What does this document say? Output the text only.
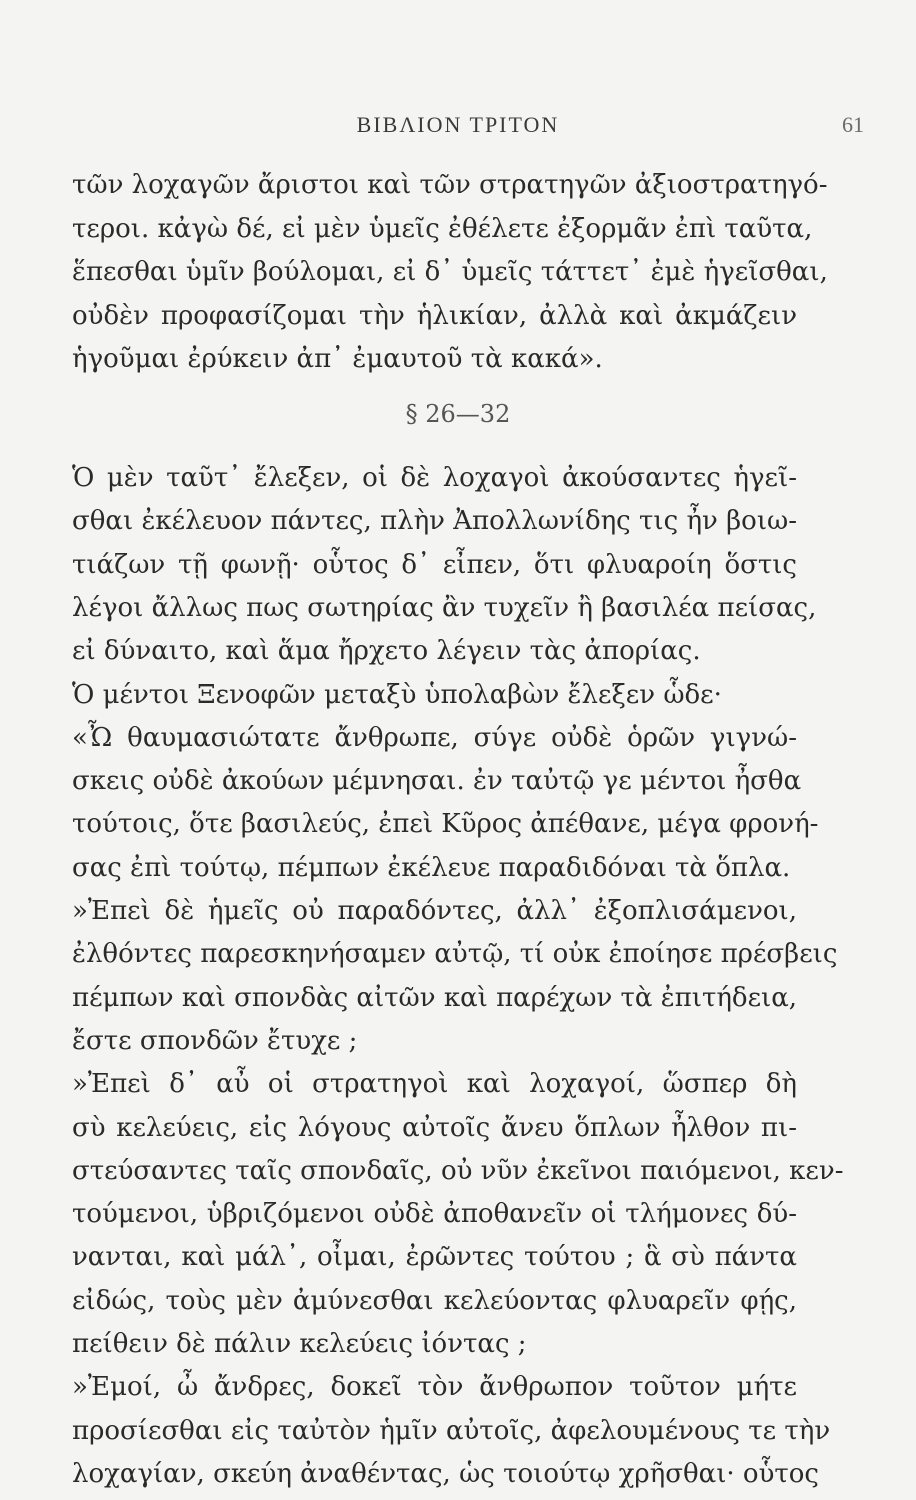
ΒΙΒΛΙΟΝ ΤΡΙΤΟΝ	61
τῶν λοχαγῶν ἄριστοι καὶ τῶν στρατηγῶν ἀξιοστρατηγό-
τεροι. κἀγὼ δέ, εἰ μὲν ὑμεῖς ἐθέλετε ἐξορμᾶν ἐπὶ ταῦτα,
ἕπεσθαι ὑμῖν βούλομαι, εἰ δ᾽ ὑμεῖς τάττετ᾽ ἐμὲ ἡγεῖσθαι,
οὐδὲν προφασίζομαι τὴν ἡλικίαν, ἀλλὰ καὶ ἀκμάζειν
ἡγοῦμαι ἐρύκειν ἀπ᾽ ἐμαυτοῦ τὰ κακά».
§ 26—32
Ὁ μὲν ταῦτ᾽ ἔλεξεν, οἱ δὲ λοχαγοὶ ἀκούσαντες ἡγεῖ-
σθαι ἐκέλευον πάντες, πλὴν Ἀπολλωνίδης τις ἦν βοιω-
τιάζων τῇ φωνῇ· οὗτος δ᾽ εἶπεν, ὅτι φλυαροίη ὅστις
λέγοι ἄλλως πως σωτηρίας ἂν τυχεῖν ἢ βασιλέα πείσας,
εἰ δύναιτο, καὶ ἅμα ἤρχετο λέγειν τὰς ἀπορίας.
Ὁ μέντοι Ξενοφῶν μεταξὺ ὑπολαβὼν ἔλεξεν ὧδε·
«Ὦ θαυμασιώτατε ἄνθρωπε, σύγε οὐδὲ ὁρῶν γιγνώ-
σκεις οὐδὲ ἀκούων μέμνησαι. ἐν ταὐτῷ γε μέντοι ἦσθα
τούτοις, ὅτε βασιλεύς, ἐπεὶ Κῦρος ἀπέθανε, μέγα φρονή-
σας ἐπὶ τούτῳ, πέμπων ἐκέλευε παραδιδόναι τὰ ὅπλα.
»Ἐπεὶ δὲ ἡμεῖς οὐ παραδόντες, ἀλλ᾽ ἐξοπλισάμενοι,
ἐλθόντες παρεσκηνήσαμεν αὐτῷ, τί οὐκ ἐποίησε πρέσβεις
πέμπων καὶ σπονδὰς αἰτῶν καὶ παρέχων τὰ ἐπιτήδεια,
ἔστε σπονδῶν ἔτυχε ;
»Ἐπεὶ δ᾽ αὖ οἱ στρατηγοὶ καὶ λοχαγοί, ὥσπερ δὴ
σὺ κελεύεις, εἰς λόγους αὐτοῖς ἄνευ ὅπλων ἦλθον πι-
στεύσαντες ταῖς σπονδαῖς, οὐ νῦν ἐκεῖνοι παιόμενοι, κεν-
τούμενοι, ὑβριζόμενοι οὐδὲ ἀποθανεῖν οἱ τλήμονες δύ-
νανται, καὶ μάλ᾽, οἶμαι, ἐρῶντες τούτου ; ἃ σὺ πάντα
εἰδώς, τοὺς μὲν ἀμύνεσθαι κελεύοντας φλυαρεῖν φῄς,
πείθειν δὲ πάλιν κελεύεις ἰόντας ;
»Ἐμοί, ὦ ἄνδρες, δοκεῖ τὸν ἄνθρωπον τοῦτον μήτε
προσίεσθαι εἰς ταὐτὸν ἡμῖν αὐτοῖς, ἀφελουμένους τε τὴν
λοχαγίαν, σκεύη ἀναθέντας, ὡς τοιούτῳ χρῆσθαι· οὗτος
